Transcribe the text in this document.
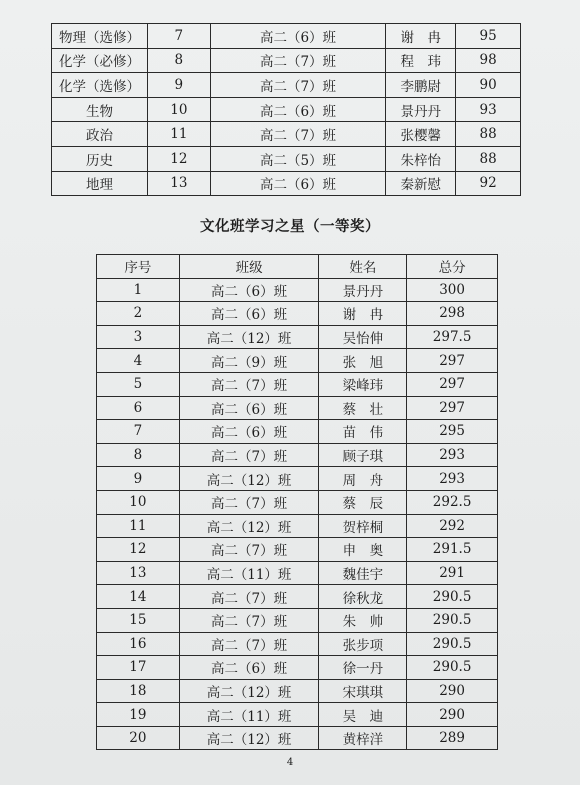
物理（选修）	7	高二（6）班	谢　冉	95
化学（必修）	8	高二（7）班	程　玮	98
化学（选修）	9	高二（7）班	李鹏尉	90
生物	10	高二（6）班	景丹丹	93
政治	11	高二（7）班	张樱馨	88
历史	12	高二（5）班	朱梓怡	88
地理	13	高二（6）班	秦新慰	92
文化班学习之星（一等奖）
序号	班级	姓名	总分
1	高二（6）班	景丹丹	300
2	高二（6）班	谢　冉	298
3	高二（12）班	吴怡伸	297.5
4	高二（9）班	张　旭	297
5	高二（7）班	梁峰玮	297
6	高二（6）班	蔡　壮	297
7	高二（6）班	苗　伟	295
8	高二（7）班	顾子琪	293
9	高二（12）班	周　舟	293
10	高二（7）班	蔡　辰	292.5
11	高二（12）班	贺梓桐	292
12	高二（7）班	申　奥	291.5
13	高二（11）班	魏佳宇	291
14	高二（7）班	徐秋龙	290.5
15	高二（7）班	朱　帅	290.5
16	高二（7）班	张步项	290.5
17	高二（6）班	徐一丹	290.5
18	高二（12）班	宋琪琪	290
19	高二（11）班	吴　迪	290
20	高二（12）班	黄梓洋	289
4
